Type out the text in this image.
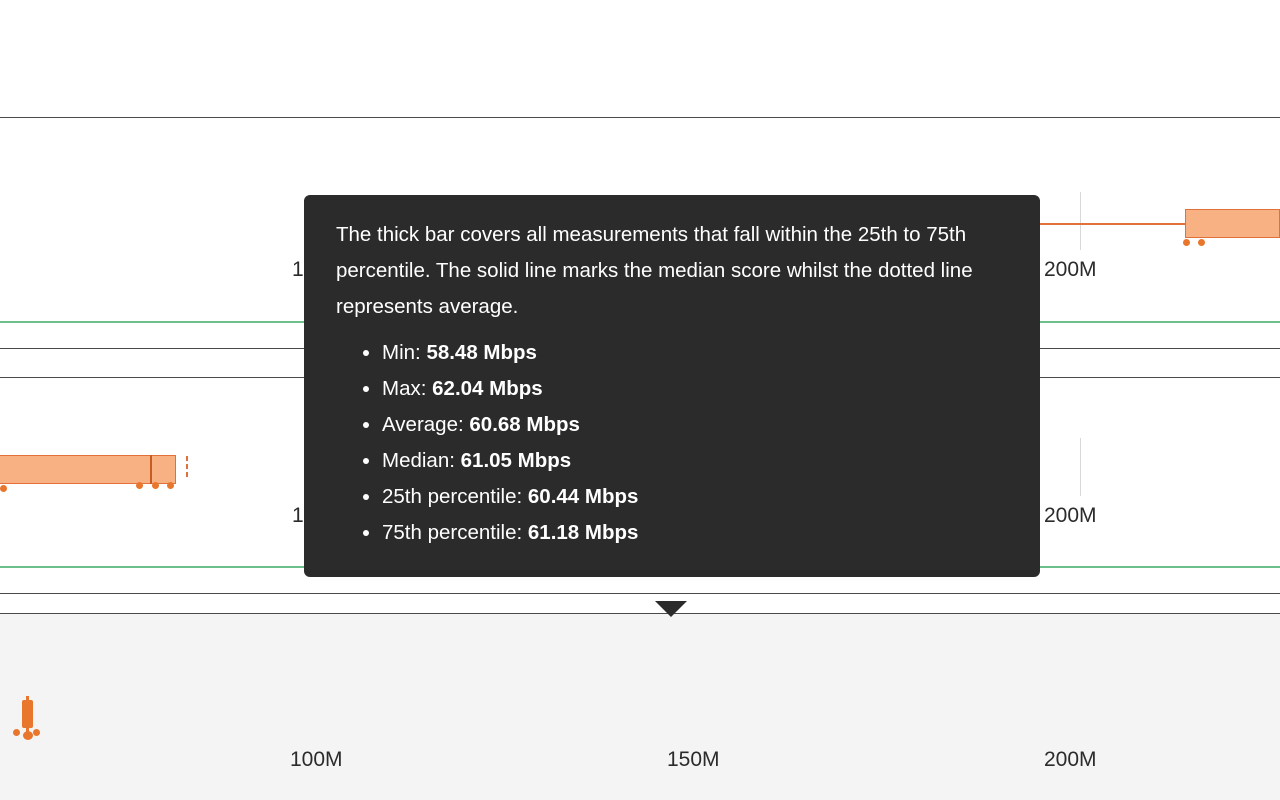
1	200M
1	200M
100M	150M	200M

The thick bar covers all measurements that fall within the 25th to 75th percentile. The solid line marks the median score whilst the dotted line represents average.

• Min: 58.48 Mbps
• Max: 62.04 Mbps
• Average: 60.68 Mbps
• Median: 61.05 Mbps
• 25th percentile: 60.44 Mbps
• 75th percentile: 61.18 Mbps
